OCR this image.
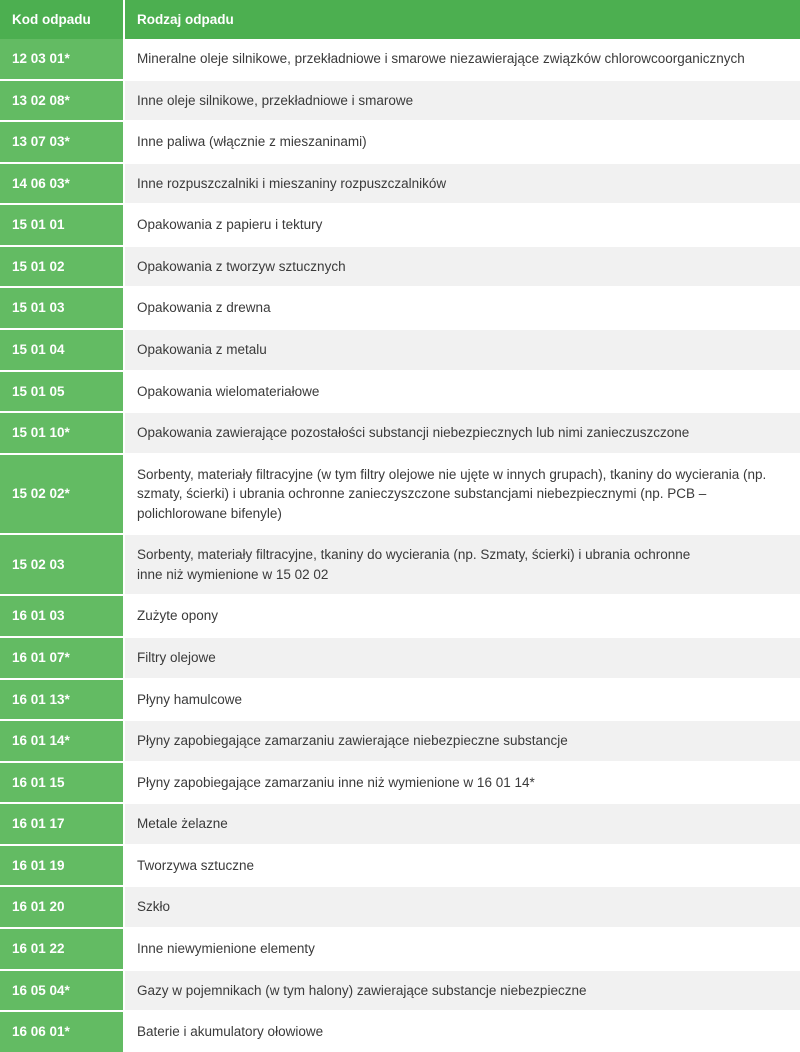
Kod odpadu	Rodzaj odpadu
12 03 01*	Mineralne oleje silnikowe, przekładniowe i smarowe niezawierające związków chlorowcoorganicznych

13 02 08*	Inne oleje silnikowe, przekładniowe i smarowe

13 07 03*	Inne paliwa (włącznie z mieszaninami)

14 06 03*	Inne rozpuszczalniki i mieszaniny rozpuszczalników

15 01 01	Opakowania z papieru i tektury

15 01 02	Opakowania z tworzyw sztucznych

15 01 03	Opakowania z drewna

15 01 04	Opakowania z metalu

15 01 05	Opakowania wielomateriałowe

15 01 10*	Opakowania zawierające pozostałości substancji niebezpiecznych lub nimi zanieczuszczone

15 02 02*	Sorbenty, materiały filtracyjne (w tym filtry olejowe nie ujęte w innych grupach), tkaniny do wycierania (np. szmaty, ścierki) i ubrania ochronne zanieczyszczone substancjami niebezpiecznymi (np. PCB – polichlorowane bifenyle)

15 02 03	Sorbenty, materiały filtracyjne, tkaniny do wycierania (np. Szmaty, ścierki) i ubrania ochronne
inne niż wymienione w 15 02 02

16 01 03	Zużyte opony

16 01 07*	Filtry olejowe

16 01 13*	Płyny hamulcowe

16 01 14*	Płyny zapobiegające zamarzaniu zawierające niebezpieczne substancje

16 01 15	Płyny zapobiegające zamarzaniu inne niż wymienione w 16 01 14*

16 01 17	Metale żelazne

16 01 19	Tworzywa sztuczne

16 01 20	Szkło

16 01 22	Inne niewymienione elementy

16 05 04*	Gazy w pojemnikach (w tym halony) zawierające substancje niebezpieczne

16 06 01*	Baterie i akumulatory ołowiowe
